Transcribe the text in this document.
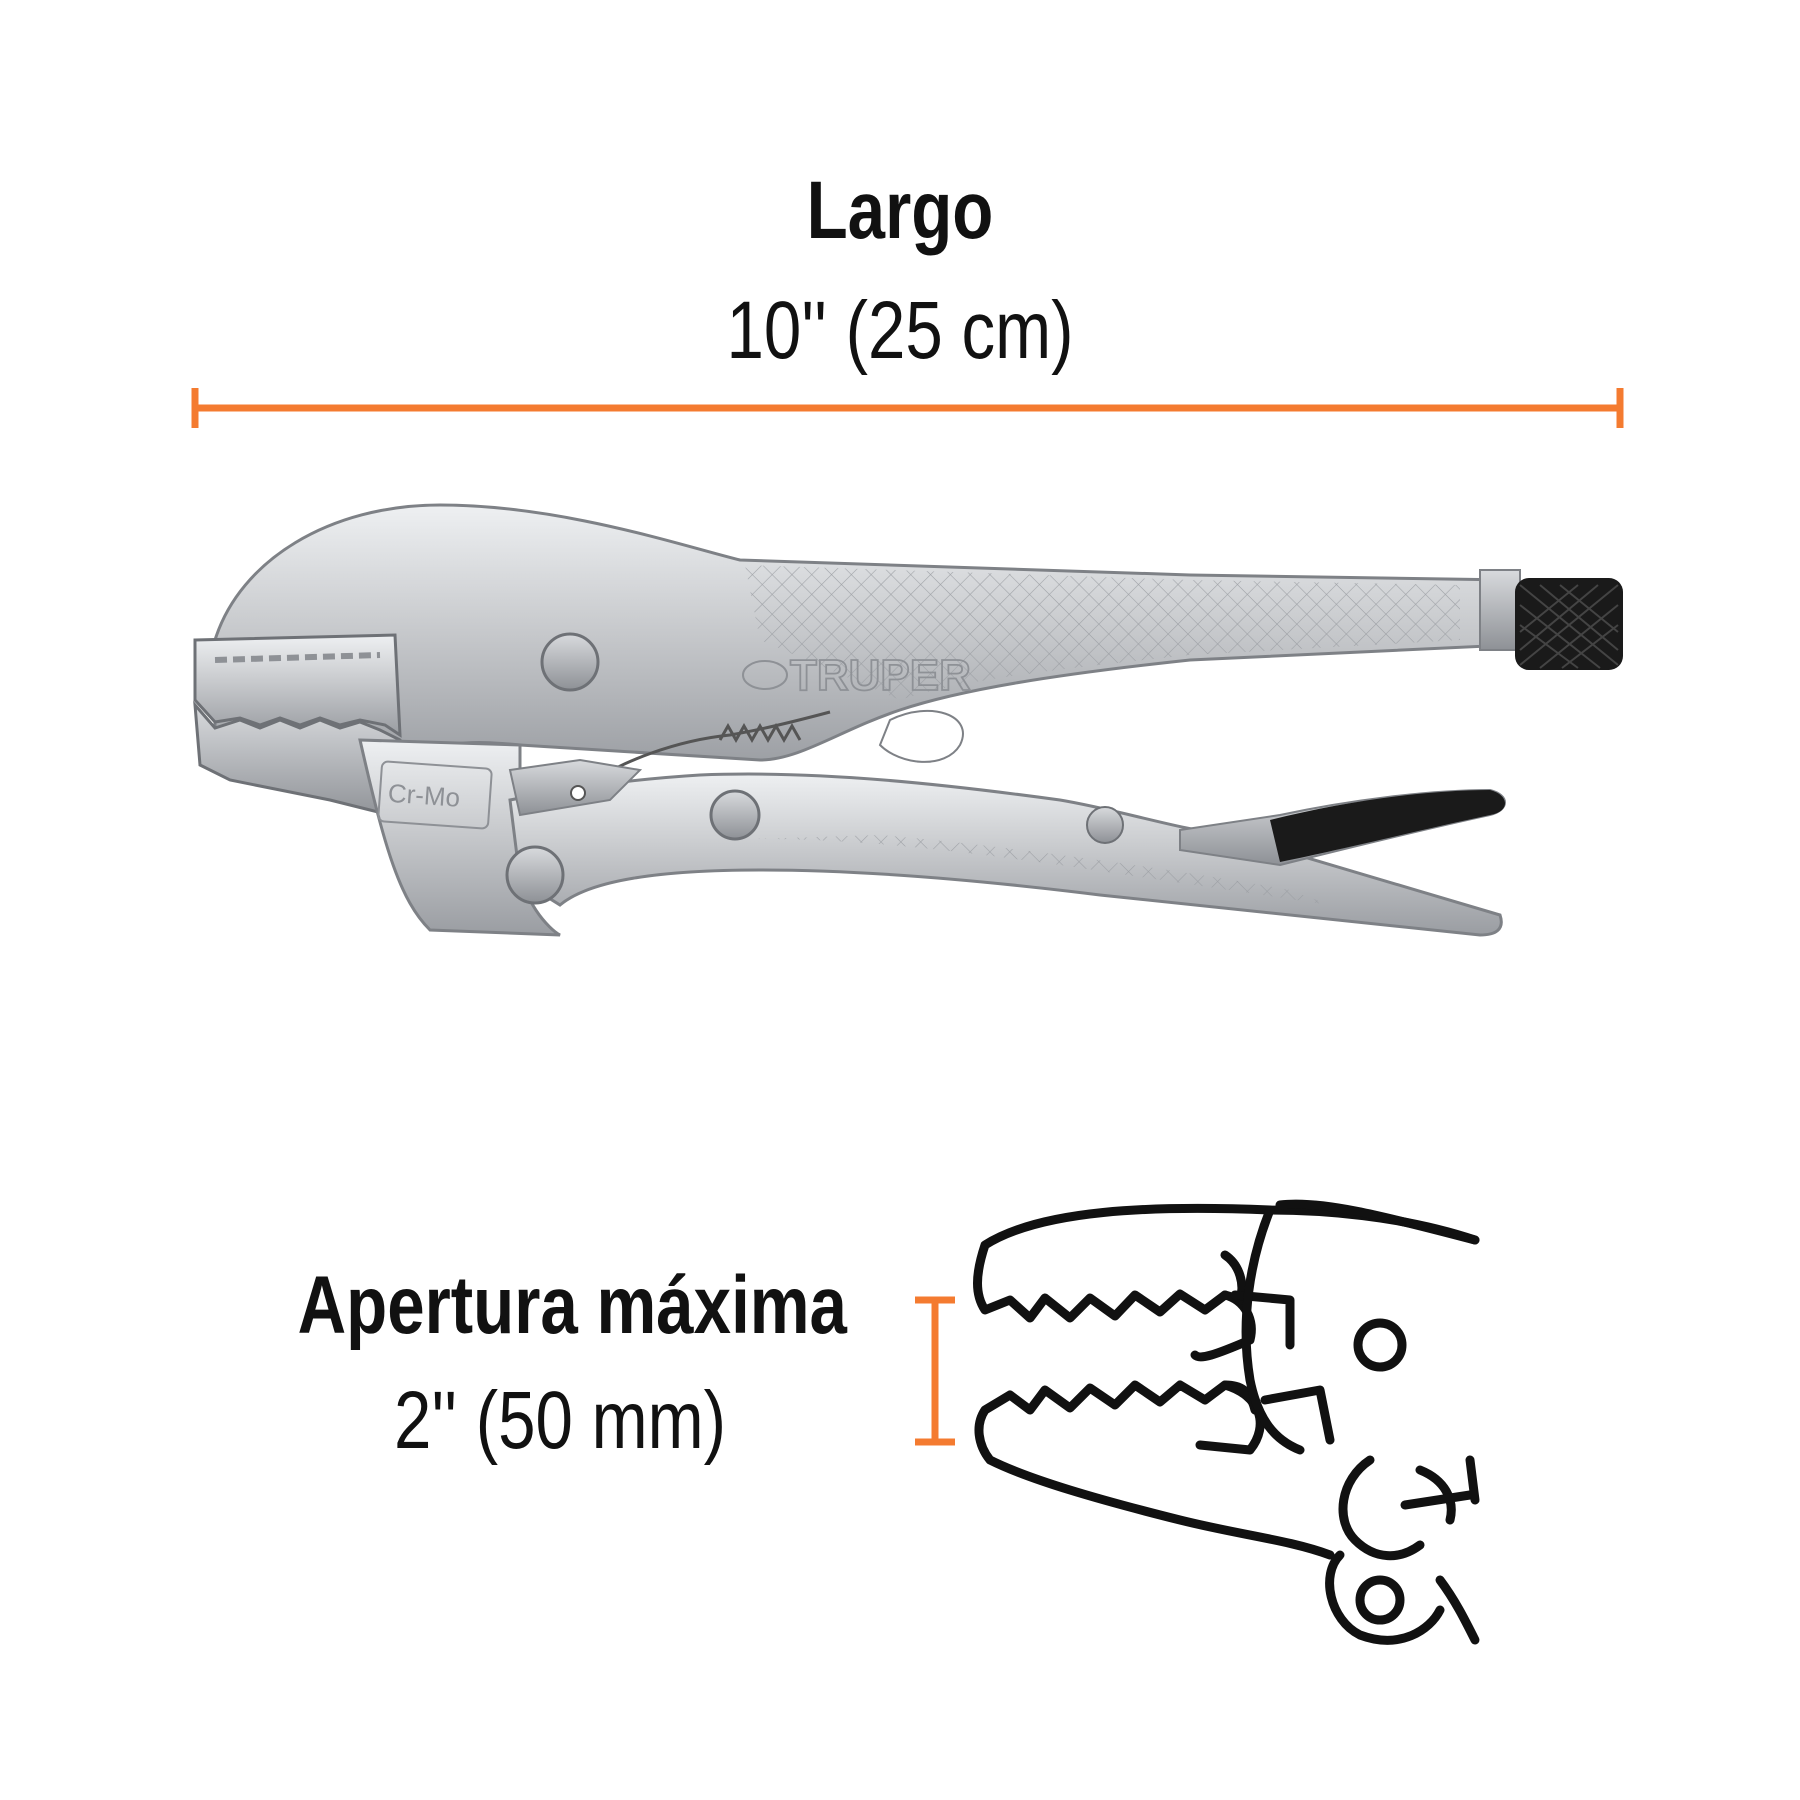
Largo
10'' (25 cm)
TRUPER
Cr-Mo
Apertura máxima
2'' (50 mm)
